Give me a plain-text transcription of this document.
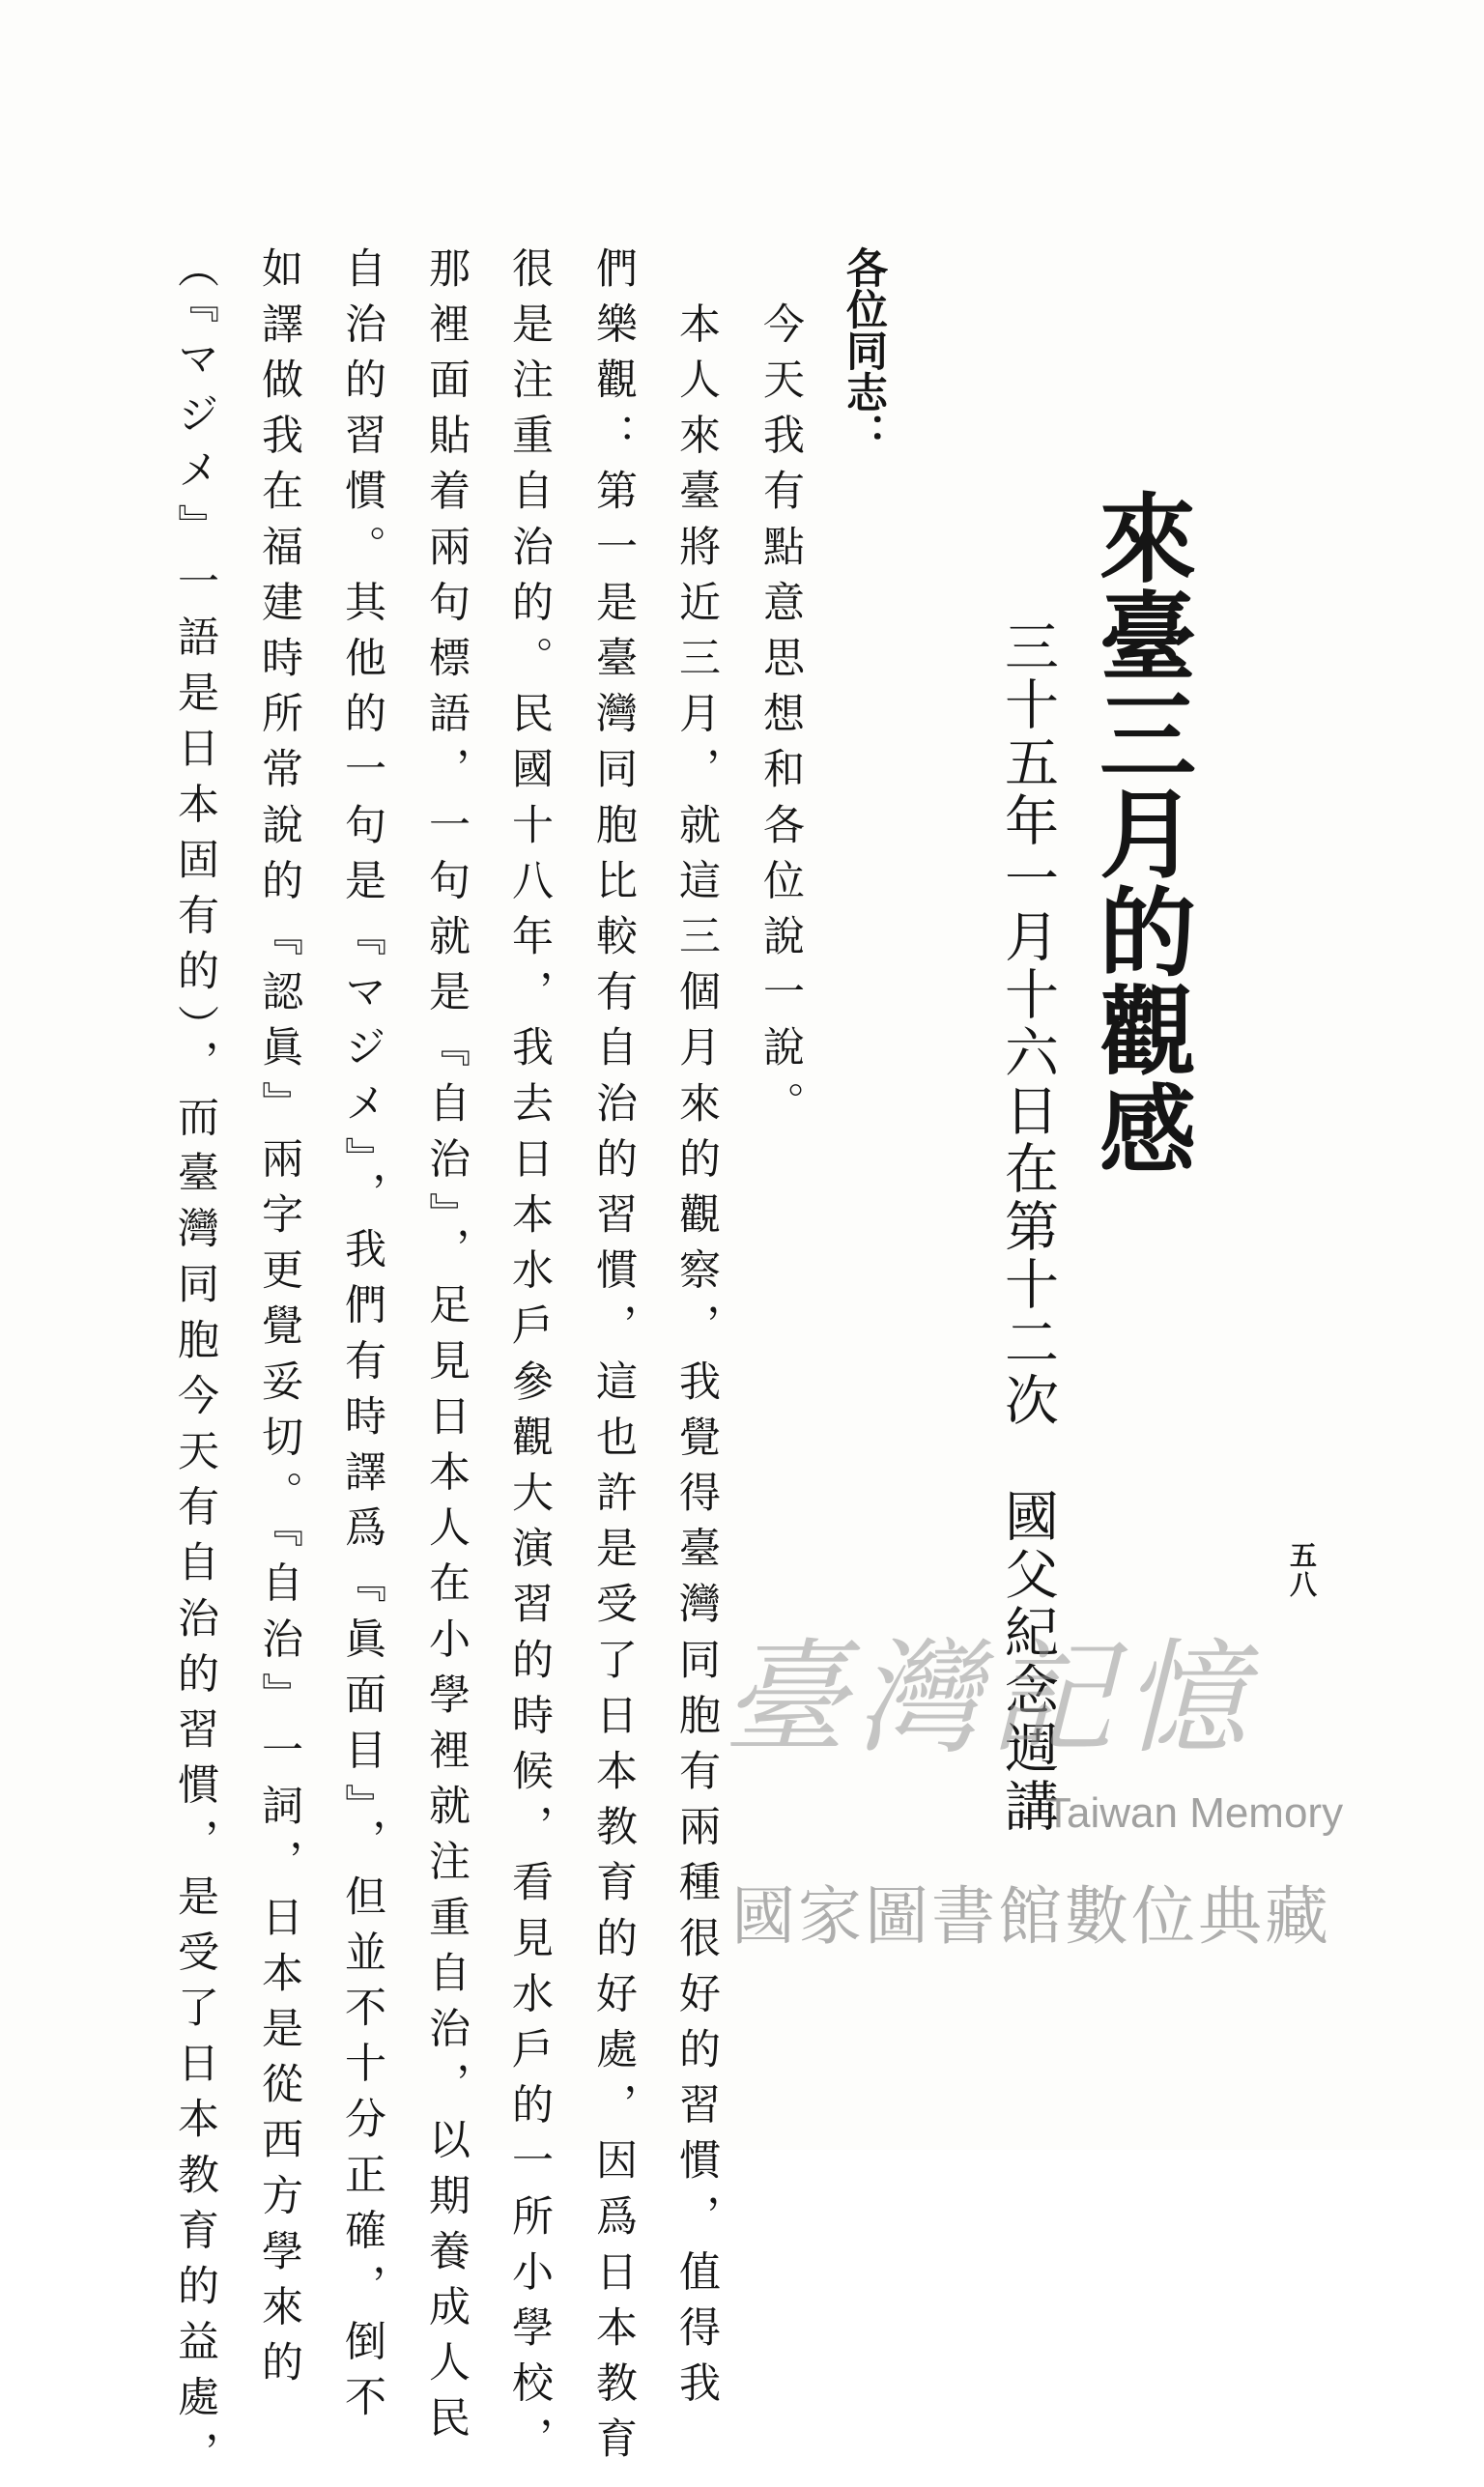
來臺三月的觀感
三十五年一月十六日在第十二次　國父紀念週講	五八
各位同志：
　今天我有點意思想和各位說一說。
　本人來臺將近三月，就這三個月來的觀察，我覺得臺灣同胞有兩種很好的習慣，值得我
們樂觀：第一是臺灣同胞比較有自治的習慣，這也許是受了日本教育的好處，因爲日本教育
很是注重自治的。民國十八年，我去日本水戶參觀大演習的時候，看見水戶的一所小學校，
那裡面貼着兩句標語，一句就是『自治』，足見日本人在小學裡就注重自治，以期養成人民
自治的習慣。其他的一句是『マジメ』，我們有時譯爲『眞面目』，但並不十分正確，倒不
如譯做我在福建時所常說的『認眞』兩字更覺妥切。『自治』一詞，日本是從西方學來的
（『マジメ』一語是日本固有的），而臺灣同胞今天有自治的習慣，是受了日本教育的益處，	臺灣記憶
Taiwan Memory
國家圖書館數位典藏
